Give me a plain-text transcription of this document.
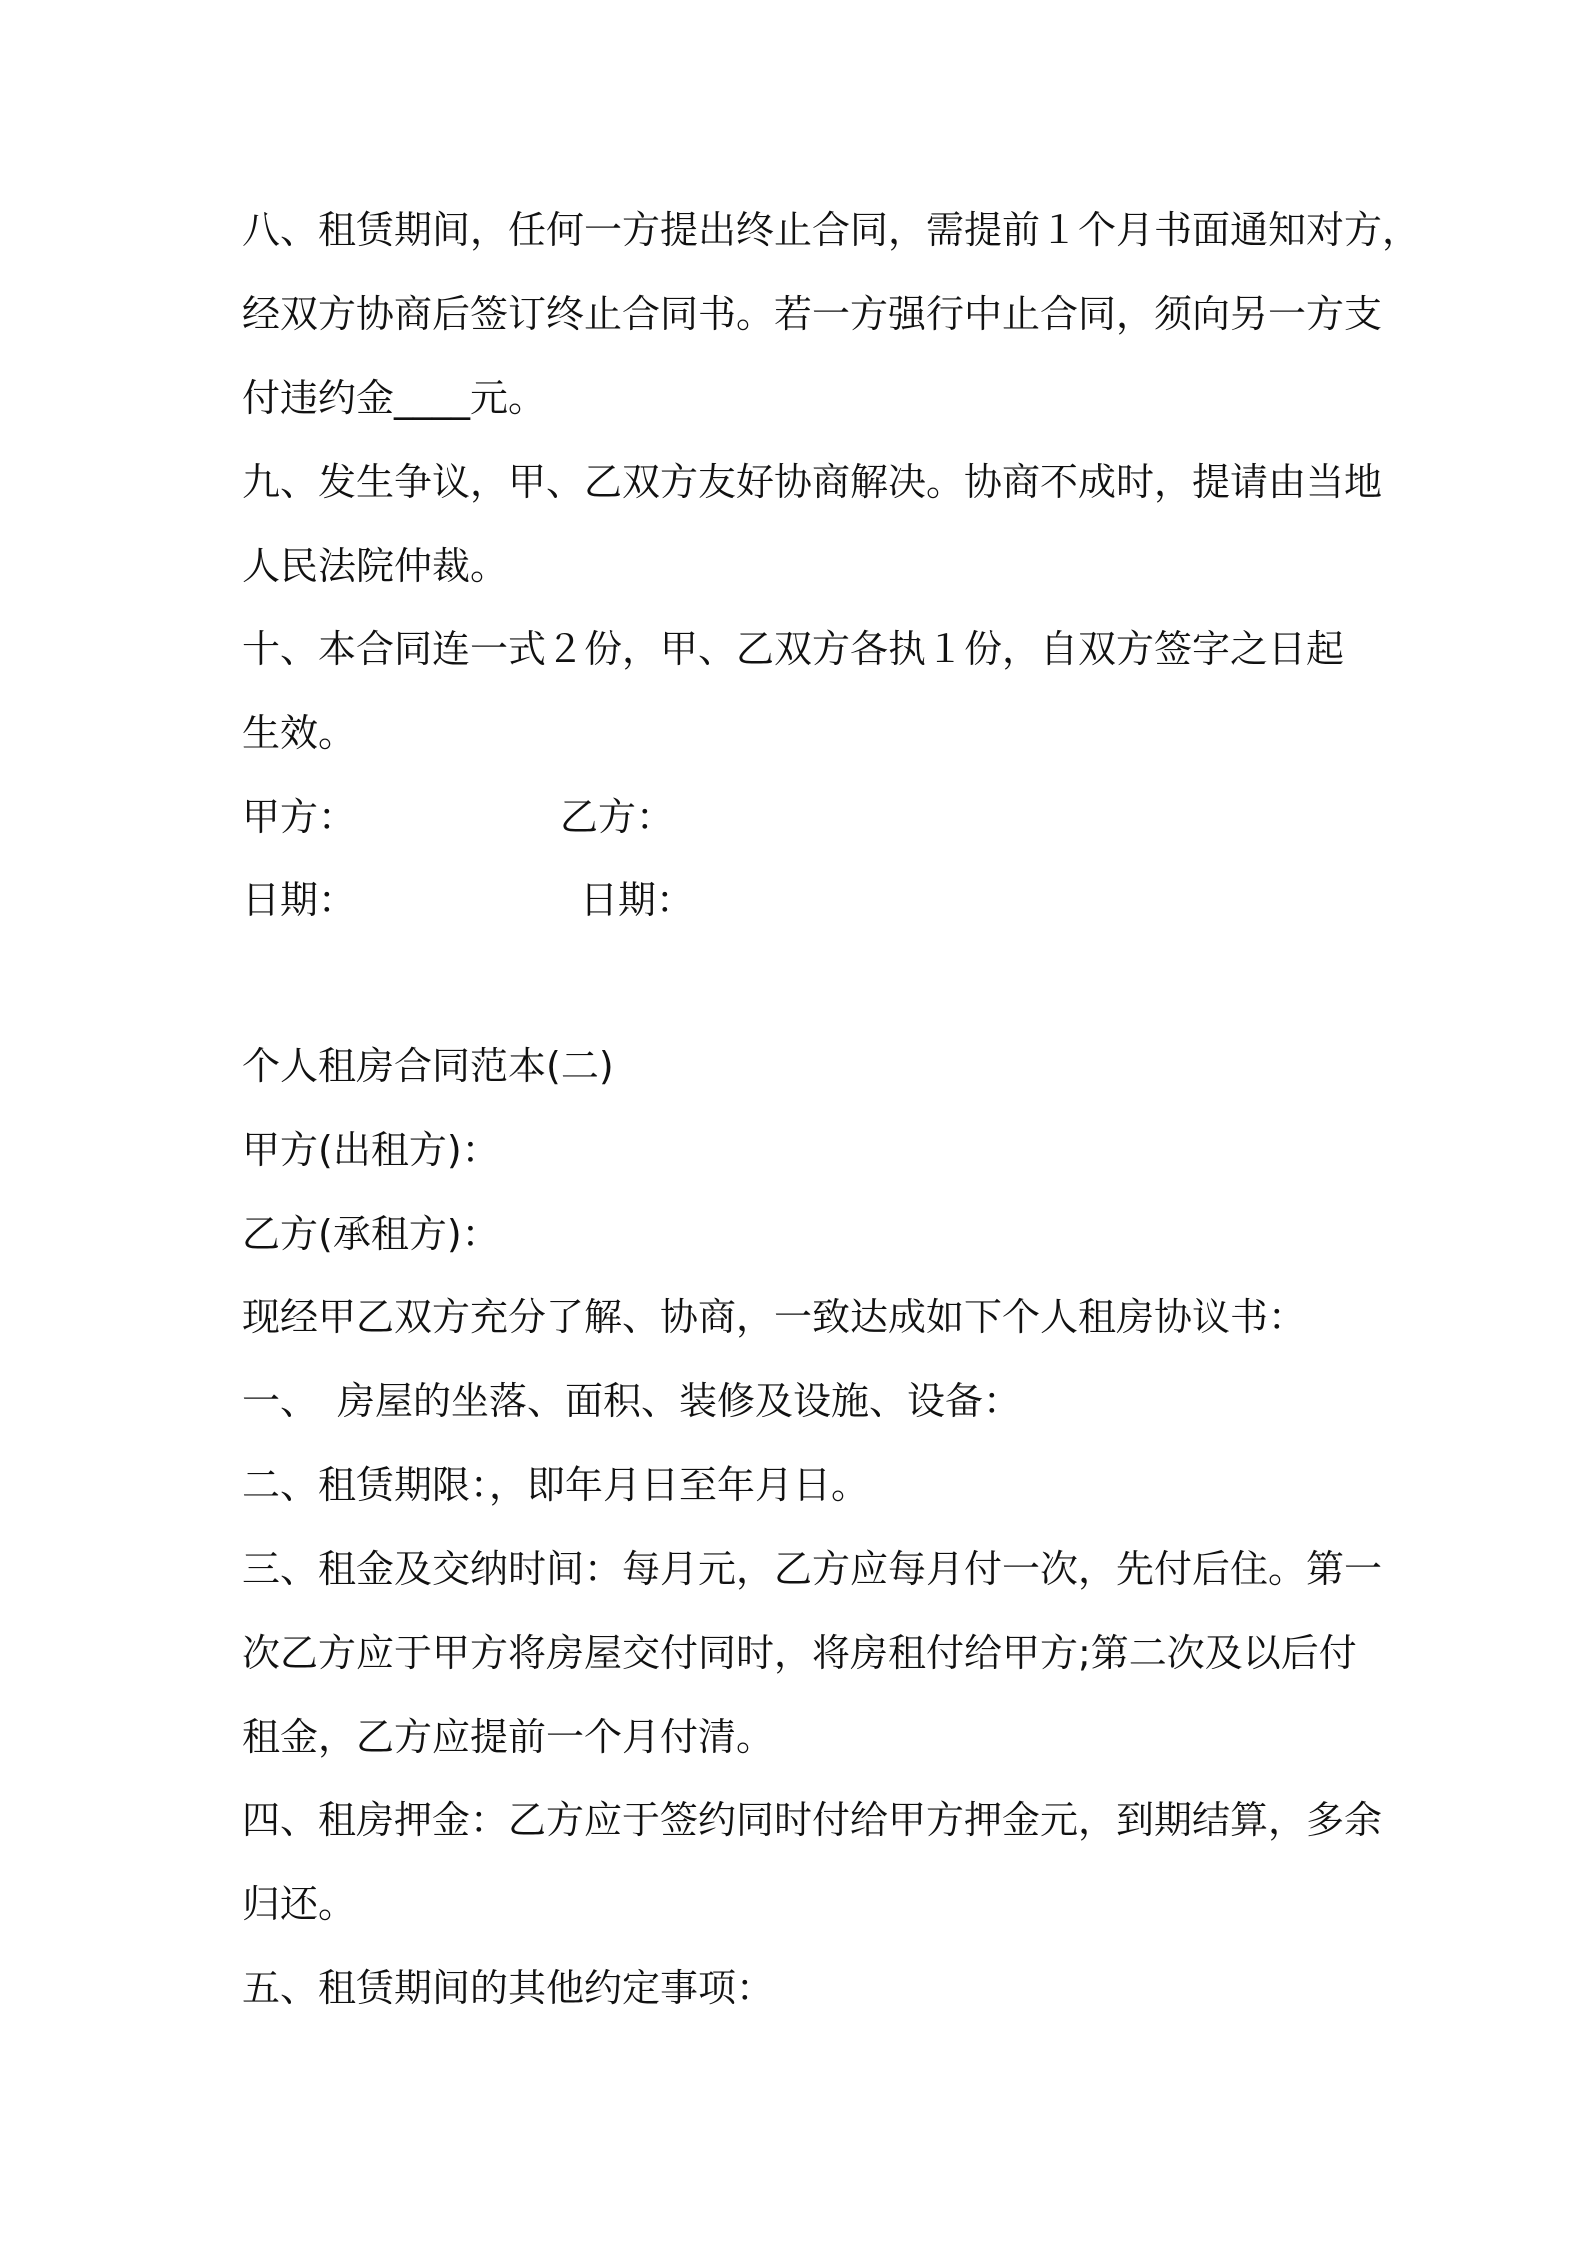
八、租赁期间，任何一方提出终止合同，需提前１个月书面通知对方，
经双方协商后签订终止合同书。若一方强行中止合同，须向另一方支
付违约金____元。
九、发生争议，甲、乙双方友好协商解决。协商不成时，提请由当地
人民法院仲裁。
十、本合同连一式２份，甲、乙双方各执１份，自双方签字之日起
生效。
甲方：	乙方：
日期：	日期：
个人租房合同范本(二)
甲方(出租方)：
乙方(承租方)：
现经甲乙双方充分了解、协商，一致达成如下个人租房协议书：
一、　房屋的坐落、面积、装修及设施、设备：
二、租赁期限：，即年月日至年月日。
三、租金及交纳时间：每月元，乙方应每月付一次，先付后住。第一
次乙方应于甲方将房屋交付同时，将房租付给甲方;第二次及以后付
租金，乙方应提前一个月付清。
四、租房押金：乙方应于签约同时付给甲方押金元，到期结算，多余
归还。
五、租赁期间的其他约定事项：
